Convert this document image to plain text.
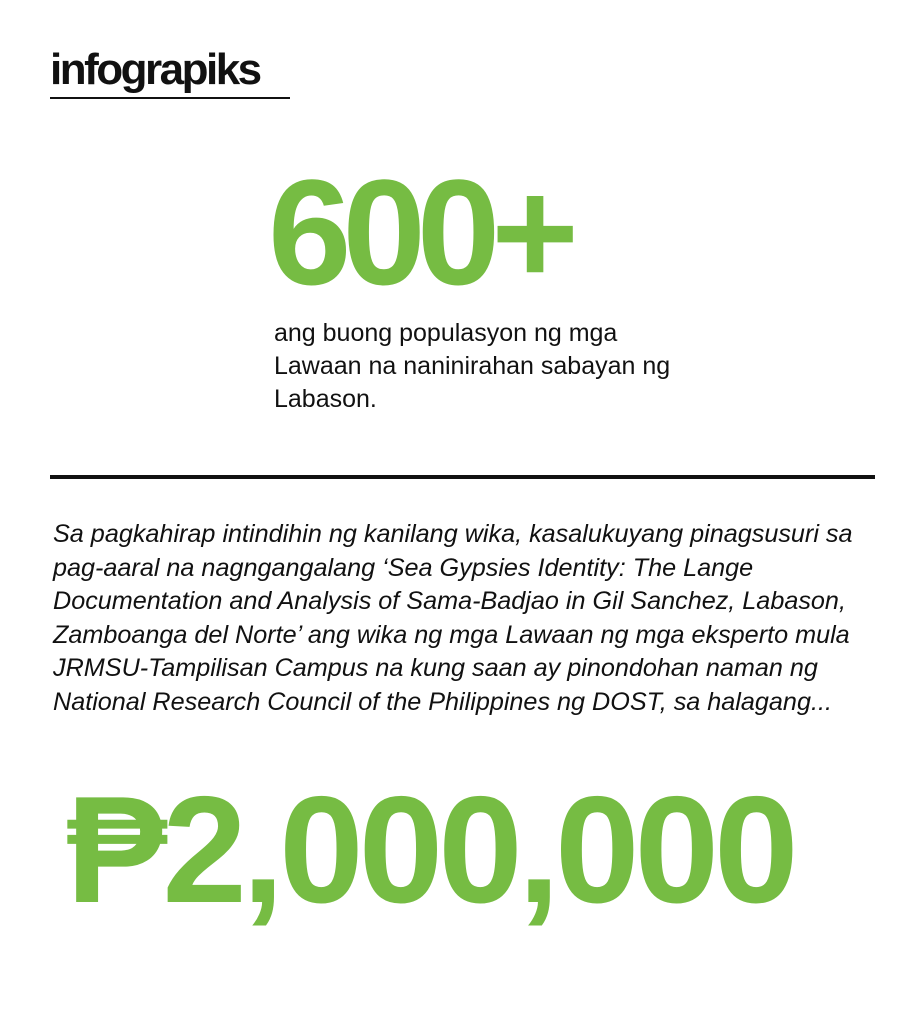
infograpiks
600+
ang buong populasyon ng mga Lawaan na naninirahan sabayan ng Labason.
Sa pagkahirap intindihin ng kanilang wika, kasalukuyang pinagsusuri sa pag-aaral na nagngangalang ‘Sea Gypsies Identity: The Lange Documentation and Analysis of Sama-Badjao in Gil Sanchez, Labason, Zamboanga del Norte’ ang wika ng mga Lawaan ng mga eksperto mula JRMSU-Tampilisan Campus na kung saan ay pinondohan naman ng National Research Council of the Philippines ng DOST, sa halagang...
₱2,000,000
